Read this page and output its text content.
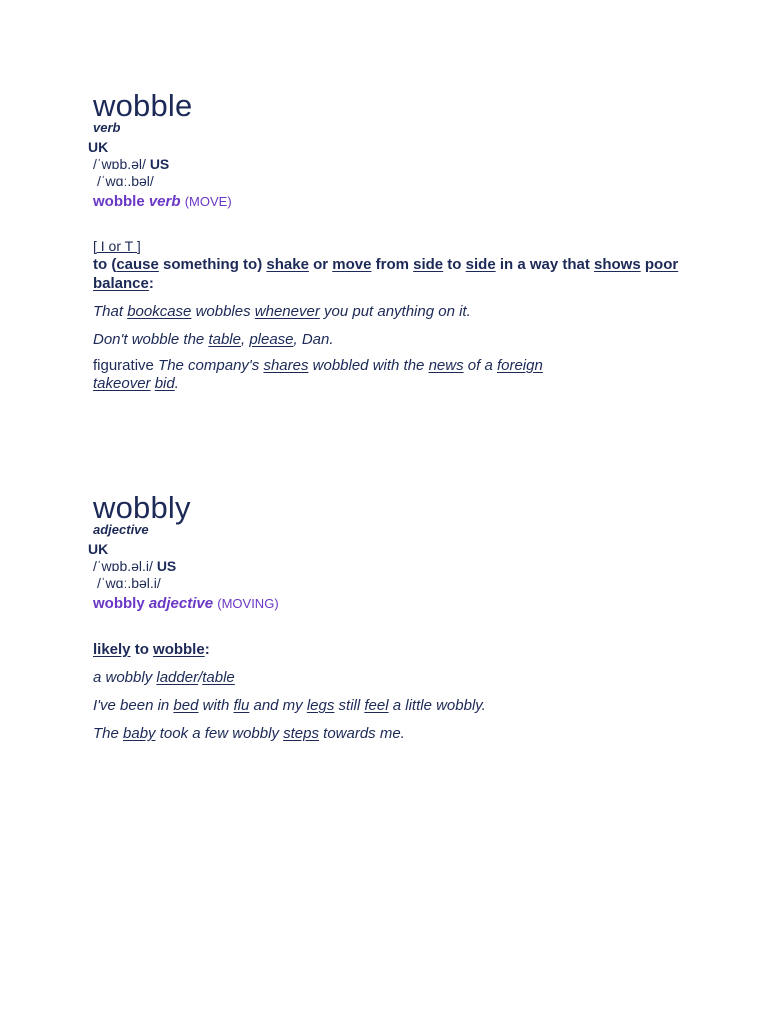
wobble
verb
UK
/ˈwɒb.əl/ US
/ˈwɑː.bəl/
wobble verb (MOVE)
[ I or T ]
to (cause something to) shake or move from side to side in a way that shows poor balance:
That bookcase wobbles whenever you put anything on it.
Don't wobble the table, please, Dan.
figurative The company's shares wobbled with the news of a foreign takeover bid.
wobbly
adjective
UK
/ˈwɒb.əl.i/ US
/ˈwɑː.bəl.i/
wobbly adjective (MOVING)
likely to wobble:
a wobbly ladder/table
I've been in bed with flu and my legs still feel a little wobbly.
The baby took a few wobbly steps towards me.
